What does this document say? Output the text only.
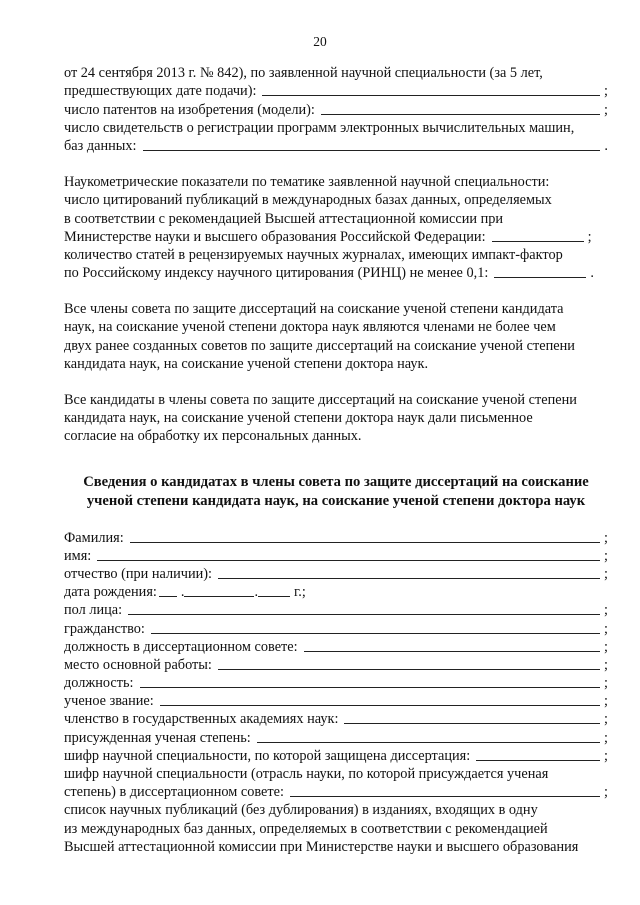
20
от 24 сентября 2013 г. № 842), по заявленной научной специальности (за 5 лет,
предшествующих дате подачи):	;
число патентов на изобретения (модели):	;
число свидетельств о регистрации программ электронных вычислительных машин,
баз данных:	.
Наукометрические показатели по тематике заявленной научной специальности:
число цитирований публикаций в международных базах данных, определяемых
в соответствии с рекомендацией Высшей аттестационной комиссии при
Министерстве науки и высшего образования Российской Федерации:	;
количество статей в рецензируемых научных журналах, имеющих импакт-фактор
по Российскому индексу научного цитирования (РИНЦ) не менее 0,1:	.
Все члены совета по защите диссертаций на соискание ученой степени кандидата
наук, на соискание ученой степени доктора наук являются членами не более чем
двух ранее созданных советов по защите диссертаций на соискание ученой степени
кандидата наук, на соискание ученой степени доктора наук.
Все кандидаты в члены совета по защите диссертаций на соискание ученой степени
кандидата наук, на соискание ученой степени доктора наук дали письменное
согласие на обработку их персональных данных.
Сведения о кандидатах в члены совета по защите диссертаций на соискание
ученой степени кандидата наук, на соискание ученой степени доктора наук
Фамилия:	;
имя:	;
отчество (при наличии):	;
дата рождения: .	.	г.;
пол лица:	;
гражданство:	;
должность в диссертационном совете:	;
место основной работы:	;
должность:	;
ученое звание:	;
членство в государственных академиях наук:	;
присужденная ученая степень:	;
шифр научной специальности, по которой защищена диссертация:	;
шифр научной специальности (отрасль науки, по которой присуждается ученая
степень) в диссертационном совете:	;
список научных публикаций (без дублирования) в изданиях, входящих в одну
из международных баз данных, определяемых в соответствии с рекомендацией
Высшей аттестационной комиссии при Министерстве науки и высшего образования
